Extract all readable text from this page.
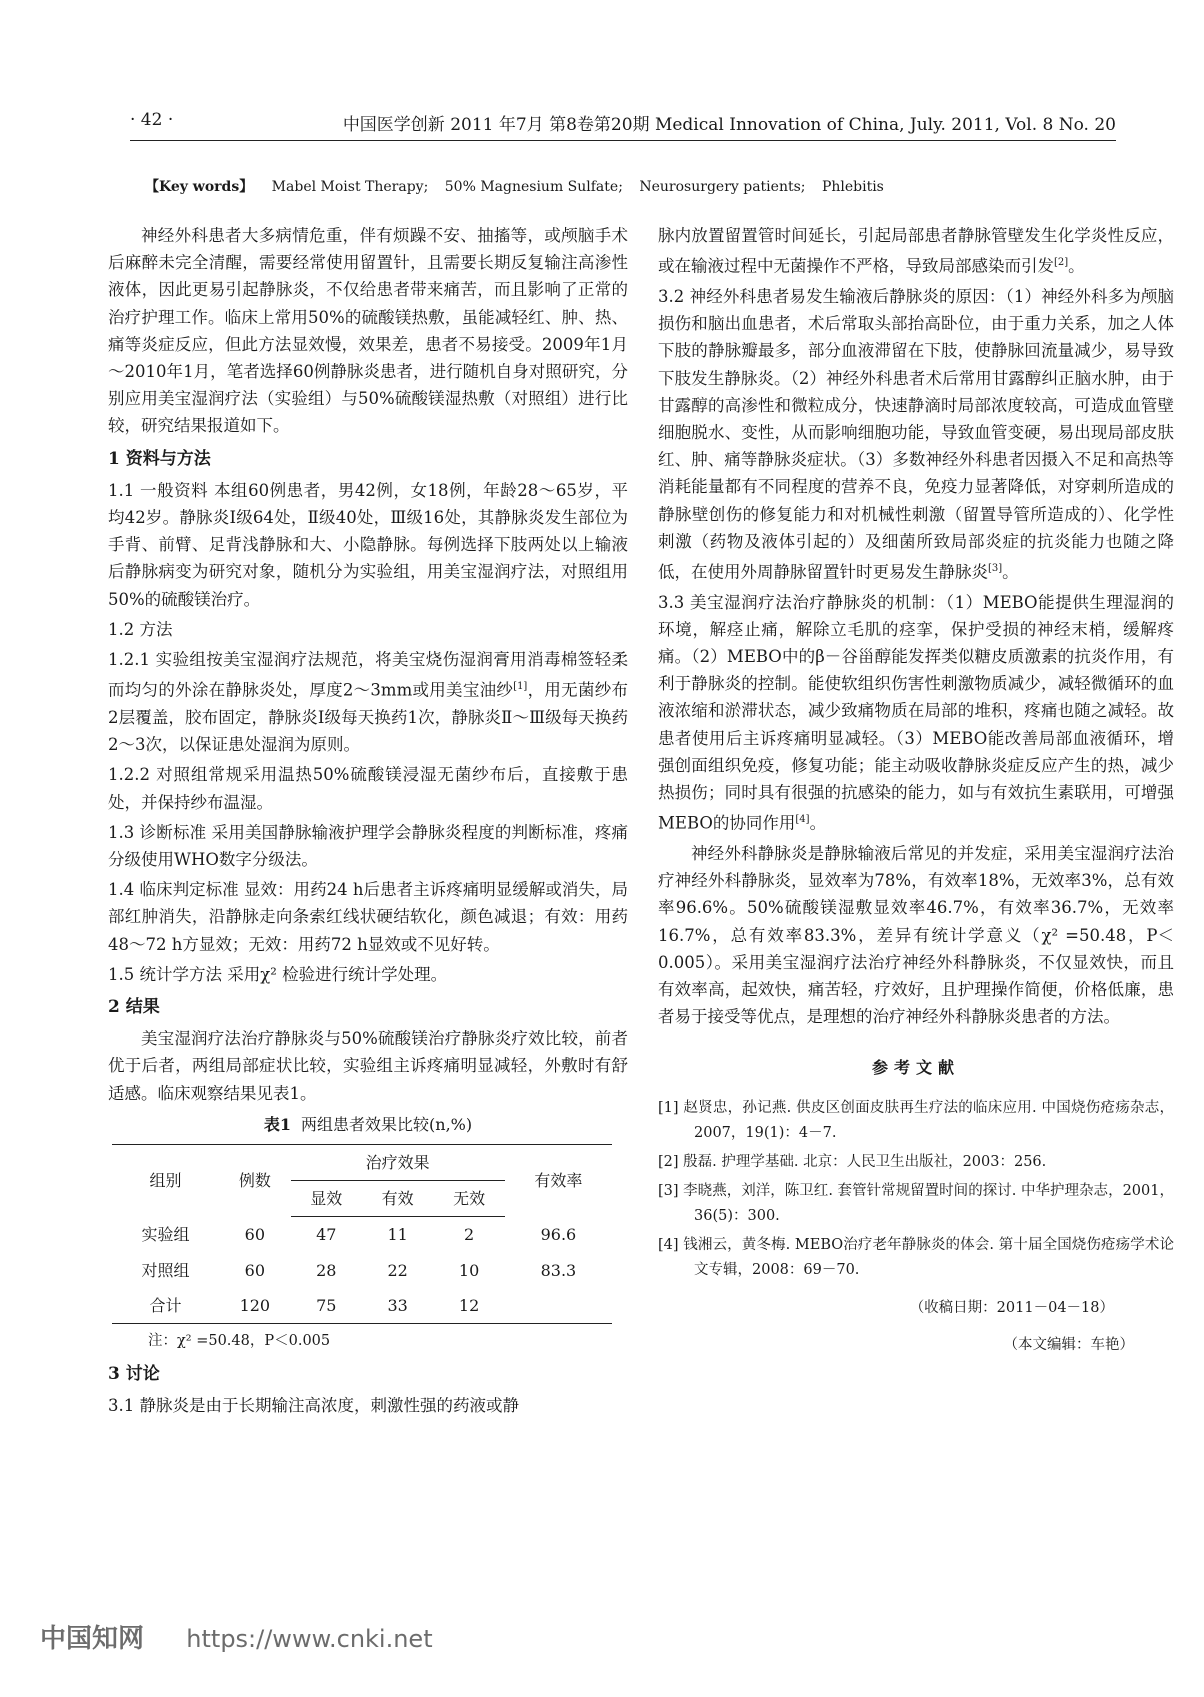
· 42 ·	中国医学创新 2011 年7月 第8卷第20期 Medical Innovation of China, July. 2011, Vol. 8 No. 20
【Key words】 Mabel Moist Therapy; 50% Magnesium Sulfate; Neurosurgery patients; Phlebitis

神经外科患者大多病情危重，伴有烦躁不安、抽搐等，或颅脑手术后麻醉未完全清醒，需要经常使用留置针，且需要长期反复输注高渗性液体，因此更易引起静脉炎，不仅给患者带来痛苦，而且影响了正常的治疗护理工作。临床上常用50%的硫酸镁热敷，虽能减轻红、肿、热、痛等炎症反应，但此方法显效慢，效果差，患者不易接受。2009年1月～2010年1月，笔者选择60例静脉炎患者，进行随机自身对照研究，分别应用美宝湿润疗法（实验组）与50%硫酸镁湿热敷（对照组）进行比较，研究结果报道如下。

1 资料与方法

1.1 一般资料 本组60例患者，男42例，女18例，年龄28～65岁，平均42岁。静脉炎Ⅰ级64处，Ⅱ级40处，Ⅲ级16处，其静脉炎发生部位为手背、前臂、足背浅静脉和大、小隐静脉。每例选择下肢两处以上输液后静脉病变为研究对象，随机分为实验组，用美宝湿润疗法，对照组用50%的硫酸镁治疗。

1.2 方法

1.2.1 实验组按美宝湿润疗法规范，将美宝烧伤湿润膏用消毒棉签轻柔而均匀的外涂在静脉炎处，厚度2～3mm或用美宝油纱[1]，用无菌纱布2层覆盖，胶布固定，静脉炎Ⅰ级每天换药1次，静脉炎Ⅱ～Ⅲ级每天换药2～3次，以保证患处湿润为原则。

1.2.2 对照组常规采用温热50%硫酸镁浸湿无菌纱布后，直接敷于患处，并保持纱布温湿。

1.3 诊断标准 采用美国静脉输液护理学会静脉炎程度的判断标准，疼痛分级使用WHO数字分级法。

1.4 临床判定标准 显效：用药24 h后患者主诉疼痛明显缓解或消失，局部红肿消失，沿静脉走向条索红线状硬结软化，颜色减退；有效：用药48～72 h方显效；无效：用药72 h显效或不见好转。

1.5 统计学方法 采用χ² 检验进行统计学处理。

2 结果

美宝湿润疗法治疗静脉炎与50%硫酸镁治疗静脉炎疗效比较，前者优于后者，两组局部症状比较，实验组主诉疼痛明显减轻，外敷时有舒适感。临床观察结果见表1。

表1 两组患者效果比较(n,%)
组别	例数	治疗效果			有效率
		显效	有效	无效	
实验组	60	47	11	2	96.6
对照组	60	28	22	10	83.3
合计	120	75	33	12	
注：χ² =50.48，P＜0.005
3 讨论

3.1 静脉炎是由于长期输注高浓度，刺激性强的药液或静

脉内放置留置管时间延长，引起局部患者静脉管壁发生化学炎性反应，或在输液过程中无菌操作不严格，导致局部感染而引发[2]。

3.2 神经外科患者易发生输液后静脉炎的原因：（1）神经外科多为颅脑损伤和脑出血患者，术后常取头部抬高卧位，由于重力关系，加之人体下肢的静脉瓣最多，部分血液滞留在下肢，使静脉回流量减少，易导致下肢发生静脉炎。（2）神经外科患者术后常用甘露醇纠正脑水肿，由于甘露醇的高渗性和微粒成分，快速静滴时局部浓度较高，可造成血管壁细胞脱水、变性，从而影响细胞功能，导致血管变硬，易出现局部皮肤红、肿、痛等静脉炎症状。（3）多数神经外科患者因摄入不足和高热等消耗能量都有不同程度的营养不良，免疫力显著降低，对穿刺所造成的静脉壁创伤的修复能力和对机械性刺激（留置导管所造成的）、化学性刺激（药物及液体引起的）及细菌所致局部炎症的抗炎能力也随之降低，在使用外周静脉留置针时更易发生静脉炎[3]。

3.3 美宝湿润疗法治疗静脉炎的机制：（1）MEBO能提供生理湿润的环境，解痉止痛，解除立毛肌的痉挛，保护受损的神经末梢，缓解疼痛。（2）MEBO中的β－谷甾醇能发挥类似糖皮质激素的抗炎作用，有利于静脉炎的控制。能使软组织伤害性刺激物质减少，减轻微循环的血液浓缩和淤滞状态，减少致痛物质在局部的堆积，疼痛也随之减轻。故患者使用后主诉疼痛明显减轻。（3）MEBO能改善局部血液循环，增强创面组织免疫，修复功能；能主动吸收静脉炎症反应产生的热，减少热损伤；同时具有很强的抗感染的能力，如与有效抗生素联用，可增强MEBO的协同作用[4]。

神经外科静脉炎是静脉输液后常见的并发症，采用美宝湿润疗法治疗神经外科静脉炎，显效率为78%，有效率18%，无效率3%，总有效率96.6%。50%硫酸镁湿敷显效率46.7%，有效率36.7%，无效率16.7%，总有效率83.3%，差异有统计学意义（χ² =50.48，P＜0.005）。采用美宝湿润疗法治疗神经外科静脉炎，不仅显效快，而且有效率高，起效快，痛苦轻，疗效好，且护理操作简便，价格低廉，患者易于接受等优点，是理想的治疗神经外科静脉炎患者的方法。

参考文献
[1] 赵贤忠，孙记燕. 供皮区创面皮肤再生疗法的临床应用. 中国烧伤疮疡杂志，2007，19(1)：4－7.
[2] 殷磊. 护理学基础. 北京：人民卫生出版社，2003：256.
[3] 李晓燕，刘洋，陈卫红. 套管针常规留置时间的探讨. 中华护理杂志，2001，36(5)：300.
[4] 钱湘云，黄冬梅. MEBO治疗老年静脉炎的体会. 第十届全国烧伤疮疡学术论文专辑，2008：69－70.
（收稿日期：2011－04－18）
（本文编辑：车艳）
中国知网 https://www.cnki.net
